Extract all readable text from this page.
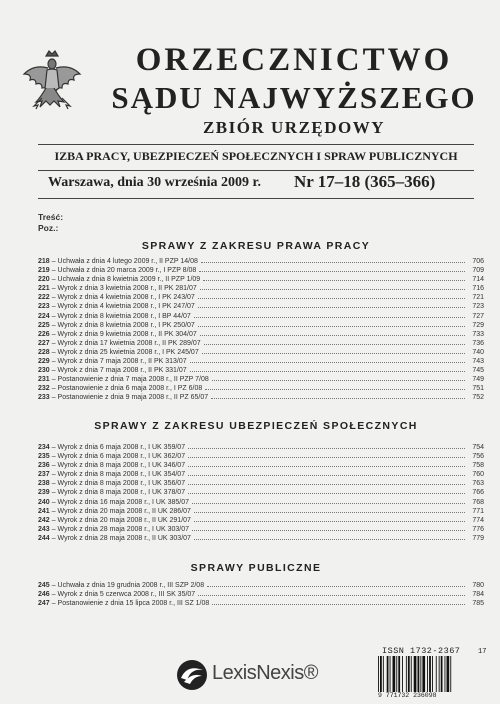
ORZECZNICTWO
SĄDU NAJWYŻSZEGO
ZBIÓR URZĘDOWY
IZBA PRACY, UBEZPIECZEŃ SPOŁECZNYCH I SPRAW PUBLICZNYCH
Warszawa, dnia 30 września 2009 r. Nr 17–18 (365–366)
Treść:
Poz.:
SPRAWY Z ZAKRESU PRAWA PRACY
218 – Uchwała z dnia 4 lutego 2009 r., II PZP 14/08	706
219 – Uchwała z dnia 20 marca 2009 r., I PZP 8/08	709
220 – Uchwała z dnia 8 kwietnia 2009 r., II PZP 1/09	714
221 – Wyrok z dnia 3 kwietnia 2008 r., II PK 281/07	716
222 – Wyrok z dnia 4 kwietnia 2008 r., I PK 243/07	721
223 – Wyrok z dnia 4 kwietnia 2008 r., I PK 247/07	723
224 – Wyrok z dnia 8 kwietnia 2008 r., I BP 44/07	727
225 – Wyrok z dnia 8 kwietnia 2008 r., I PK 250/07	729
226 – Wyrok z dnia 9 kwietnia 2008 r., II PK 304/07	733
227 – Wyrok z dnia 17 kwietnia 2008 r., II PK 289/07	736
228 – Wyrok z dnia 25 kwietnia 2008 r., I PK 245/07	740
229 – Wyrok z dnia 7 maja 2008 r., II PK 313/07	743
230 – Wyrok z dnia 7 maja 2008 r., II PK 331/07	745
231 – Postanowienie z dnia 7 maja 2008 r., II PZP 7/08	749
232 – Postanowienie z dnia 6 maja 2008 r., I PZ 6/08	751
233 – Postanowienie z dnia 9 maja 2008 r., II PZ 65/07	752
SPRAWY Z ZAKRESU UBEZPIECZEŃ SPOŁECZNYCH
234 – Wyrok z dnia 6 maja 2008 r., I UK 359/07	754
235 – Wyrok z dnia 6 maja 2008 r., I UK 362/07	756
236 – Wyrok z dnia 8 maja 2008 r., I UK 346/07	758
237 – Wyrok z dnia 8 maja 2008 r., I UK 354/07	760
238 – Wyrok z dnia 8 maja 2008 r., I UK 356/07	763
239 – Wyrok z dnia 8 maja 2008 r., I UK 378/07	766
240 – Wyrok z dnia 16 maja 2008 r., I UK 385/07	768
241 – Wyrok z dnia 20 maja 2008 r., II UK 286/07	771
242 – Wyrok z dnia 20 maja 2008 r., II UK 291/07	774
243 – Wyrok z dnia 28 maja 2008 r., I UK 303/07	776
244 – Wyrok z dnia 28 maja 2008 r., II UK 303/07	779
SPRAWY PUBLICZNE
245 – Uchwała z dnia 19 grudnia 2008 r., III SZP 2/08	780
246 – Wyrok z dnia 5 czerwca 2008 r., III SK 35/07	784
247 – Postanowienie z dnia 15 lipca 2008 r., III SZ 1/08	785
LexisNexis®
ISSN 1732-2367	17
9 771732 236098
